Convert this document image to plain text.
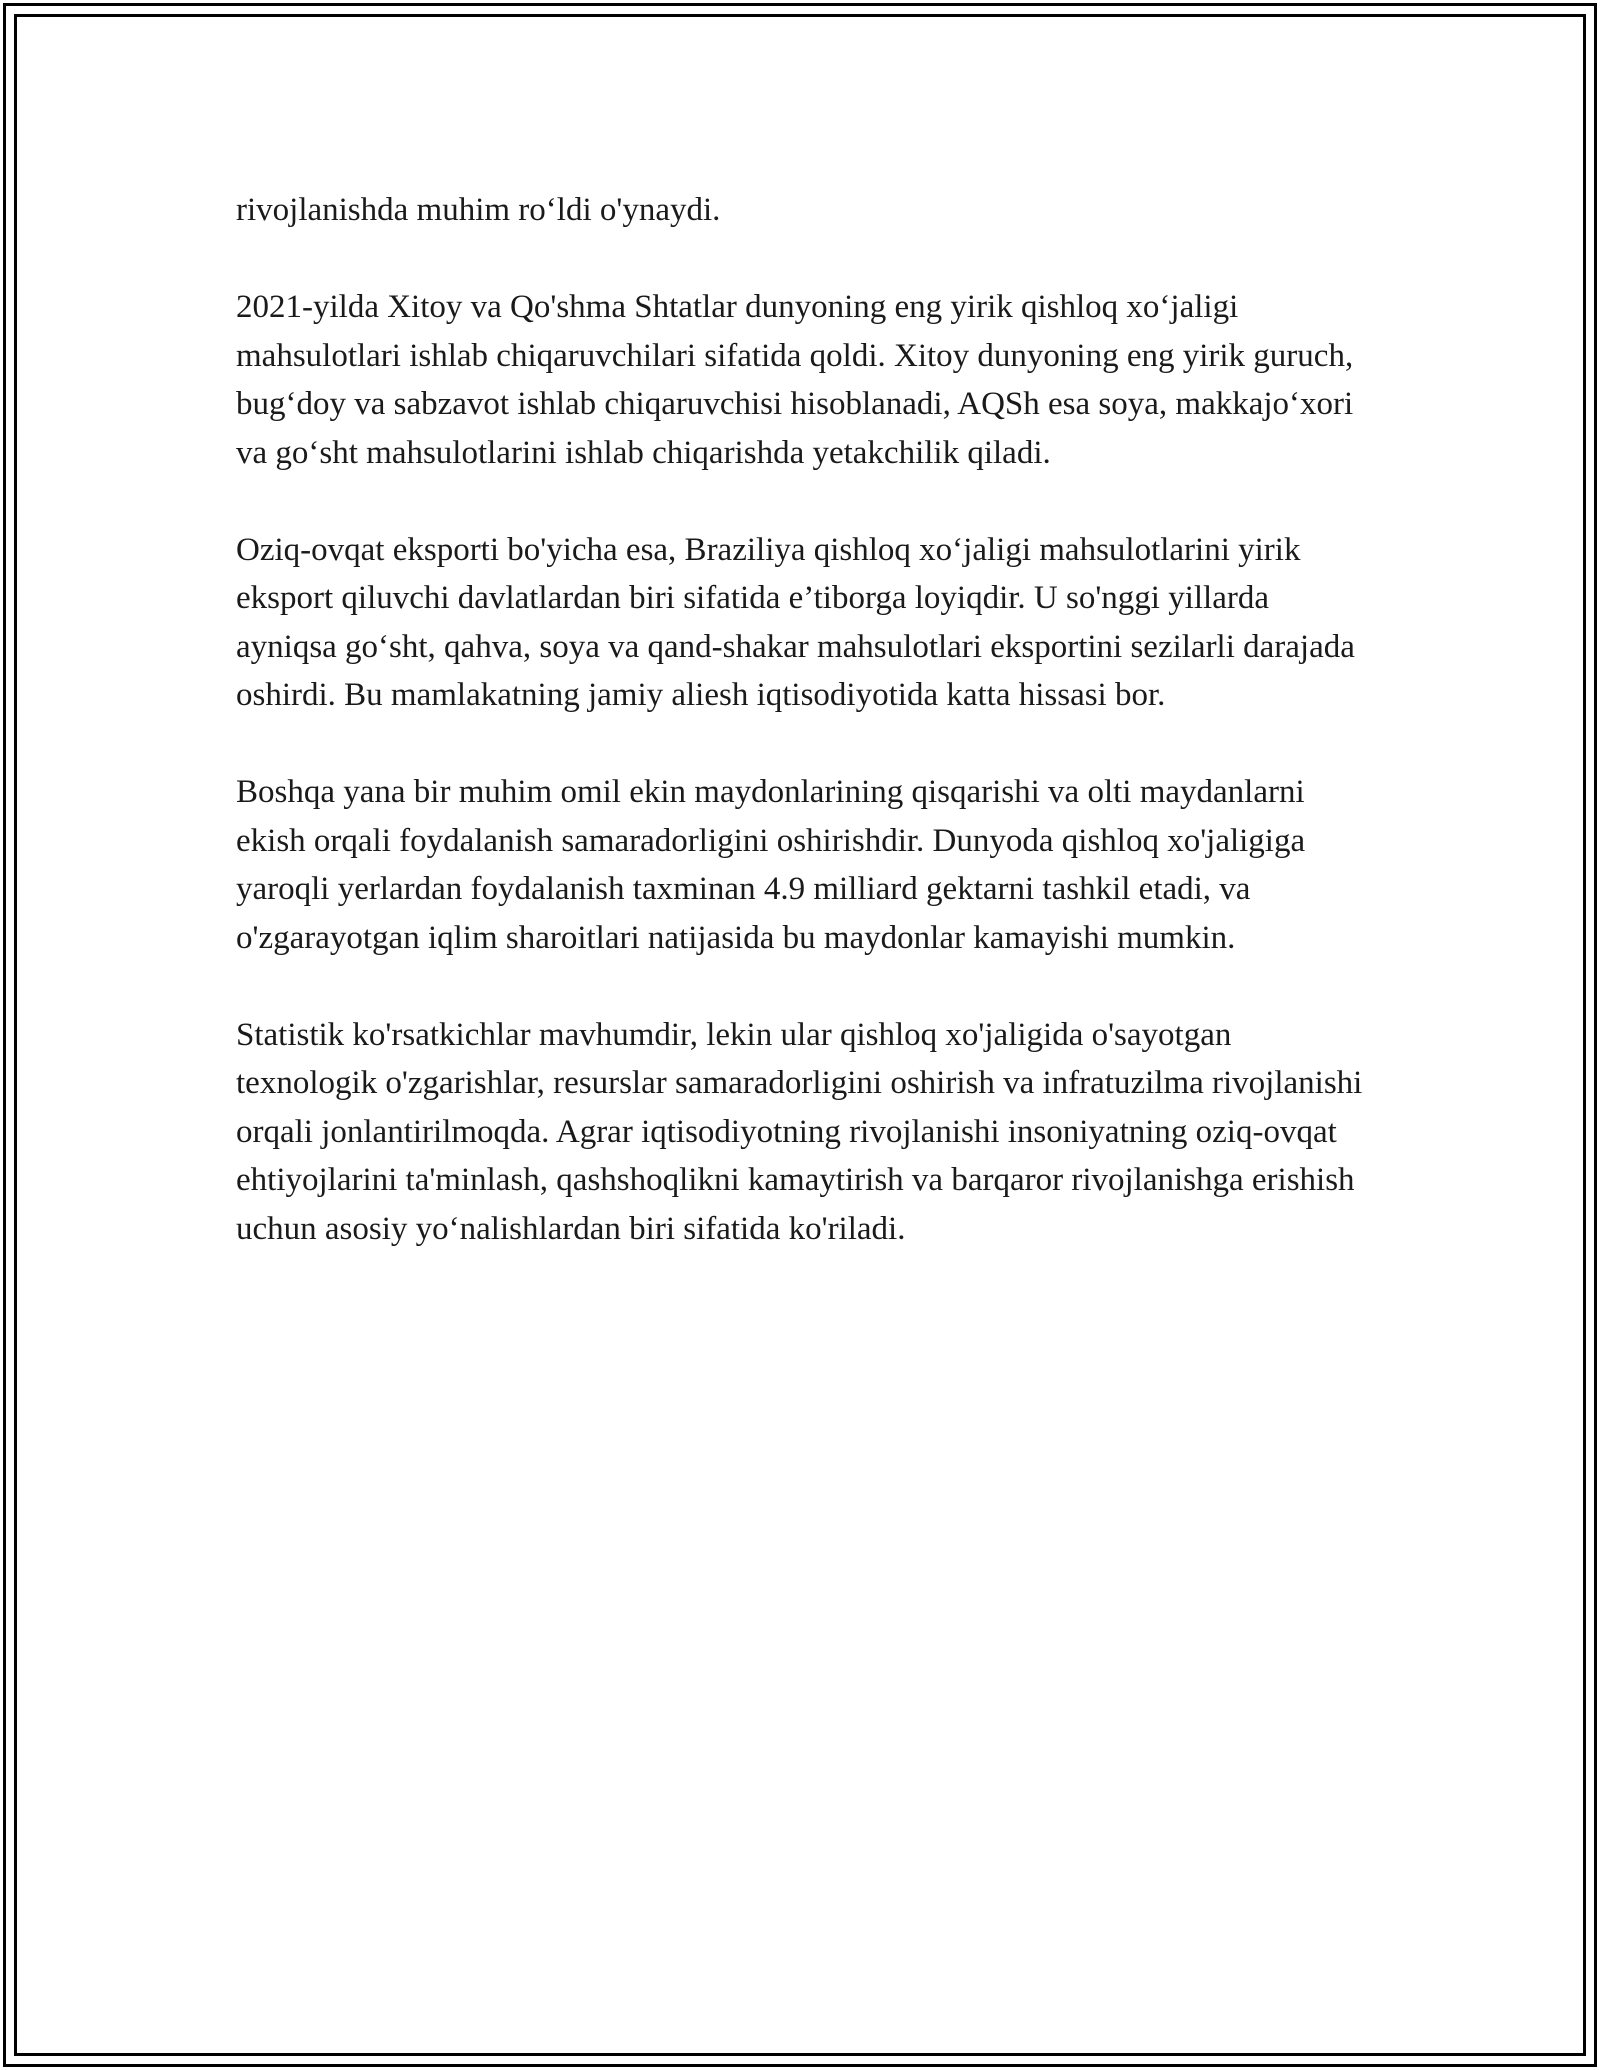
rivojlanishda muhim ro‘ldi o'ynaydi.

2021-yilda Xitoy va Qo'shma Shtatlar dunyoning eng yirik qishloq xo‘jaligi mahsulotlari ishlab chiqaruvchilari sifatida qoldi. Xitoy dunyoning eng yirik guruch, bug‘doy va sabzavot ishlab chiqaruvchisi hisoblanadi, AQSh esa soya, makkajo‘xori va go‘sht mahsulotlarini ishlab chiqarishda yetakchilik qiladi.

Oziq-ovqat eksporti bo'yicha esa, Braziliya qishloq xo‘jaligi mahsulotlarini yirik eksport qiluvchi davlatlardan biri sifatida e’tiborga loyiqdir. U so'nggi yillarda ayniqsa go‘sht, qahva, soya va qand-shakar mahsulotlari eksportini sezilarli darajada oshirdi. Bu mamlakatning jamiy aliesh iqtisodiyotida katta hissasi bor.

Boshqa yana bir muhim omil ekin maydonlarining qisqarishi va olti maydanlarni ekish orqali foydalanish samaradorligini oshirishdir. Dunyoda qishloq xo'jaligiga yaroqli yerlardan foydalanish taxminan 4.9 milliard gektarni tashkil etadi, va o'zgarayotgan iqlim sharoitlari natijasida bu maydonlar kamayishi mumkin.

Statistik ko'rsatkichlar mavhumdir, lekin ular qishloq xo'jaligida o'sayotgan texnologik o'zgarishlar, resurslar samaradorligini oshirish va infratuzilma rivojlanishi orqali jonlantirilmoqda. Agrar iqtisodiyotning rivojlanishi insoniyatning oziq-ovqat ehtiyojlarini ta'minlash, qashshoqlikni kamaytirish va barqaror rivojlanishga erishish uchun asosiy yo‘nalishlardan biri sifatida ko'riladi.
